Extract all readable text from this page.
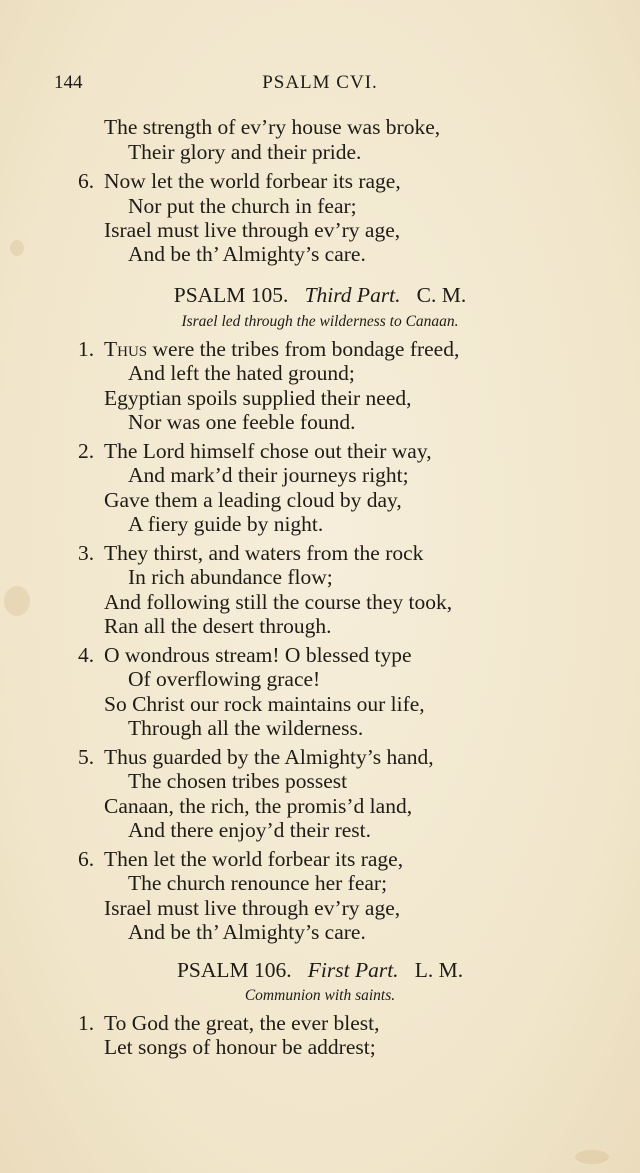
144	PSALM CVI.
The strength of ev’ry house was broke,
Their glory and their pride.
6. Now let the world forbear its rage,
Nor put the church in fear;
Israel must live through ev’ry age,
And be th’ Almighty’s care.
PSALM 105. Third Part. C. M.
Israel led through the wilderness to Canaan.
1. Thus were the tribes from bondage freed,
And left the hated ground;
Egyptian spoils supplied their need,
Nor was one feeble found.
2. The Lord himself chose out their way,
And mark’d their journeys right;
Gave them a leading cloud by day,
A fiery guide by night.
3. They thirst, and waters from the rock
In rich abundance flow;
And following still the course they took,
Ran all the desert through.
4. O wondrous stream! O blessed type
Of overflowing grace!
So Christ our rock maintains our life,
Through all the wilderness.
5. Thus guarded by the Almighty’s hand,
The chosen tribes possest
Canaan, the rich, the promis’d land,
And there enjoy’d their rest.
6. Then let the world forbear its rage,
The church renounce her fear;
Israel must live through ev’ry age,
And be th’ Almighty’s care.
PSALM 106. First Part. L. M.
Communion with saints.
1. To God the great, the ever blest,
Let songs of honour be addrest;
